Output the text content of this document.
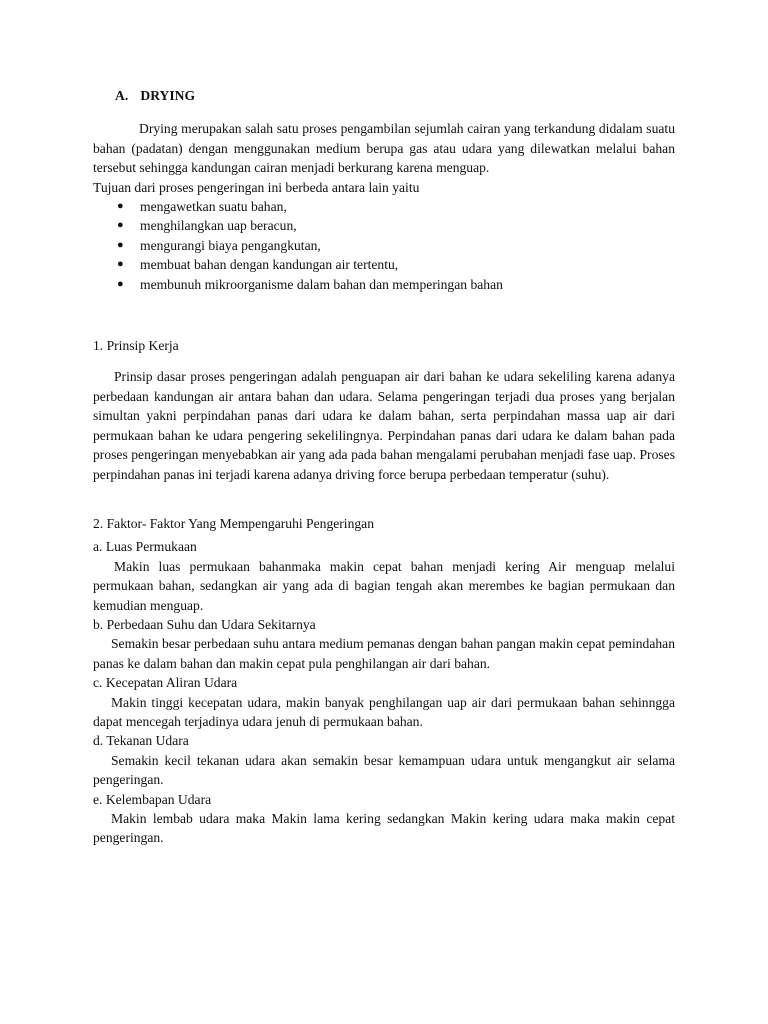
A. DRYING

Drying merupakan salah satu proses pengambilan sejumlah cairan yang terkandung didalam suatu bahan (padatan) dengan menggunakan medium berupa gas atau udara yang dilewatkan melalui bahan tersebut sehingga kandungan cairan menjadi berkurang karena menguap.

Tujuan dari proses pengeringan ini berbeda antara lain yaitu

● mengawetkan suatu bahan,
● menghilangkan uap beracun,
● mengurangi biaya pengangkutan,
● membuat bahan dengan kandungan air tertentu,
● membunuh mikroorganisme dalam bahan dan memperingan bahan

1. Prinsip Kerja

Prinsip dasar proses pengeringan adalah penguapan air dari bahan ke udara sekeliling karena adanya perbedaan kandungan air antara bahan dan udara. Selama pengeringan terjadi dua proses yang berjalan simultan yakni perpindahan panas dari udara ke dalam bahan, serta perpindahan massa uap air dari permukaan bahan ke udara pengering sekelilingnya. Perpindahan panas dari udara ke dalam bahan pada proses pengeringan menyebabkan air yang ada pada bahan mengalami perubahan menjadi fase uap. Proses perpindahan panas ini terjadi karena adanya driving force berupa perbedaan temperatur (suhu).

2. Faktor- Faktor Yang Mempengaruhi Pengeringan

a. Luas Permukaan

Makin luas permukaan bahanmaka makin cepat bahan menjadi kering Air menguap melalui permukaan bahan, sedangkan air yang ada di bagian tengah akan merembes ke bagian permukaan dan kemudian menguap.

b. Perbedaan Suhu dan Udara Sekitarnya

Semakin besar perbedaan suhu antara medium pemanas dengan bahan pangan makin cepat pemindahan panas ke dalam bahan dan makin cepat pula penghilangan air dari bahan.

c. Kecepatan Aliran Udara

Makin tinggi kecepatan udara, makin banyak penghilangan uap air dari permukaan bahan sehinngga dapat mencegah terjadinya udara jenuh di permukaan bahan.

d. Tekanan Udara

Semakin kecil tekanan udara akan semakin besar kemampuan udara untuk mengangkut air selama pengeringan.

e. Kelembapan Udara

Makin lembab udara maka Makin lama kering sedangkan Makin kering udara maka makin cepat pengeringan.
